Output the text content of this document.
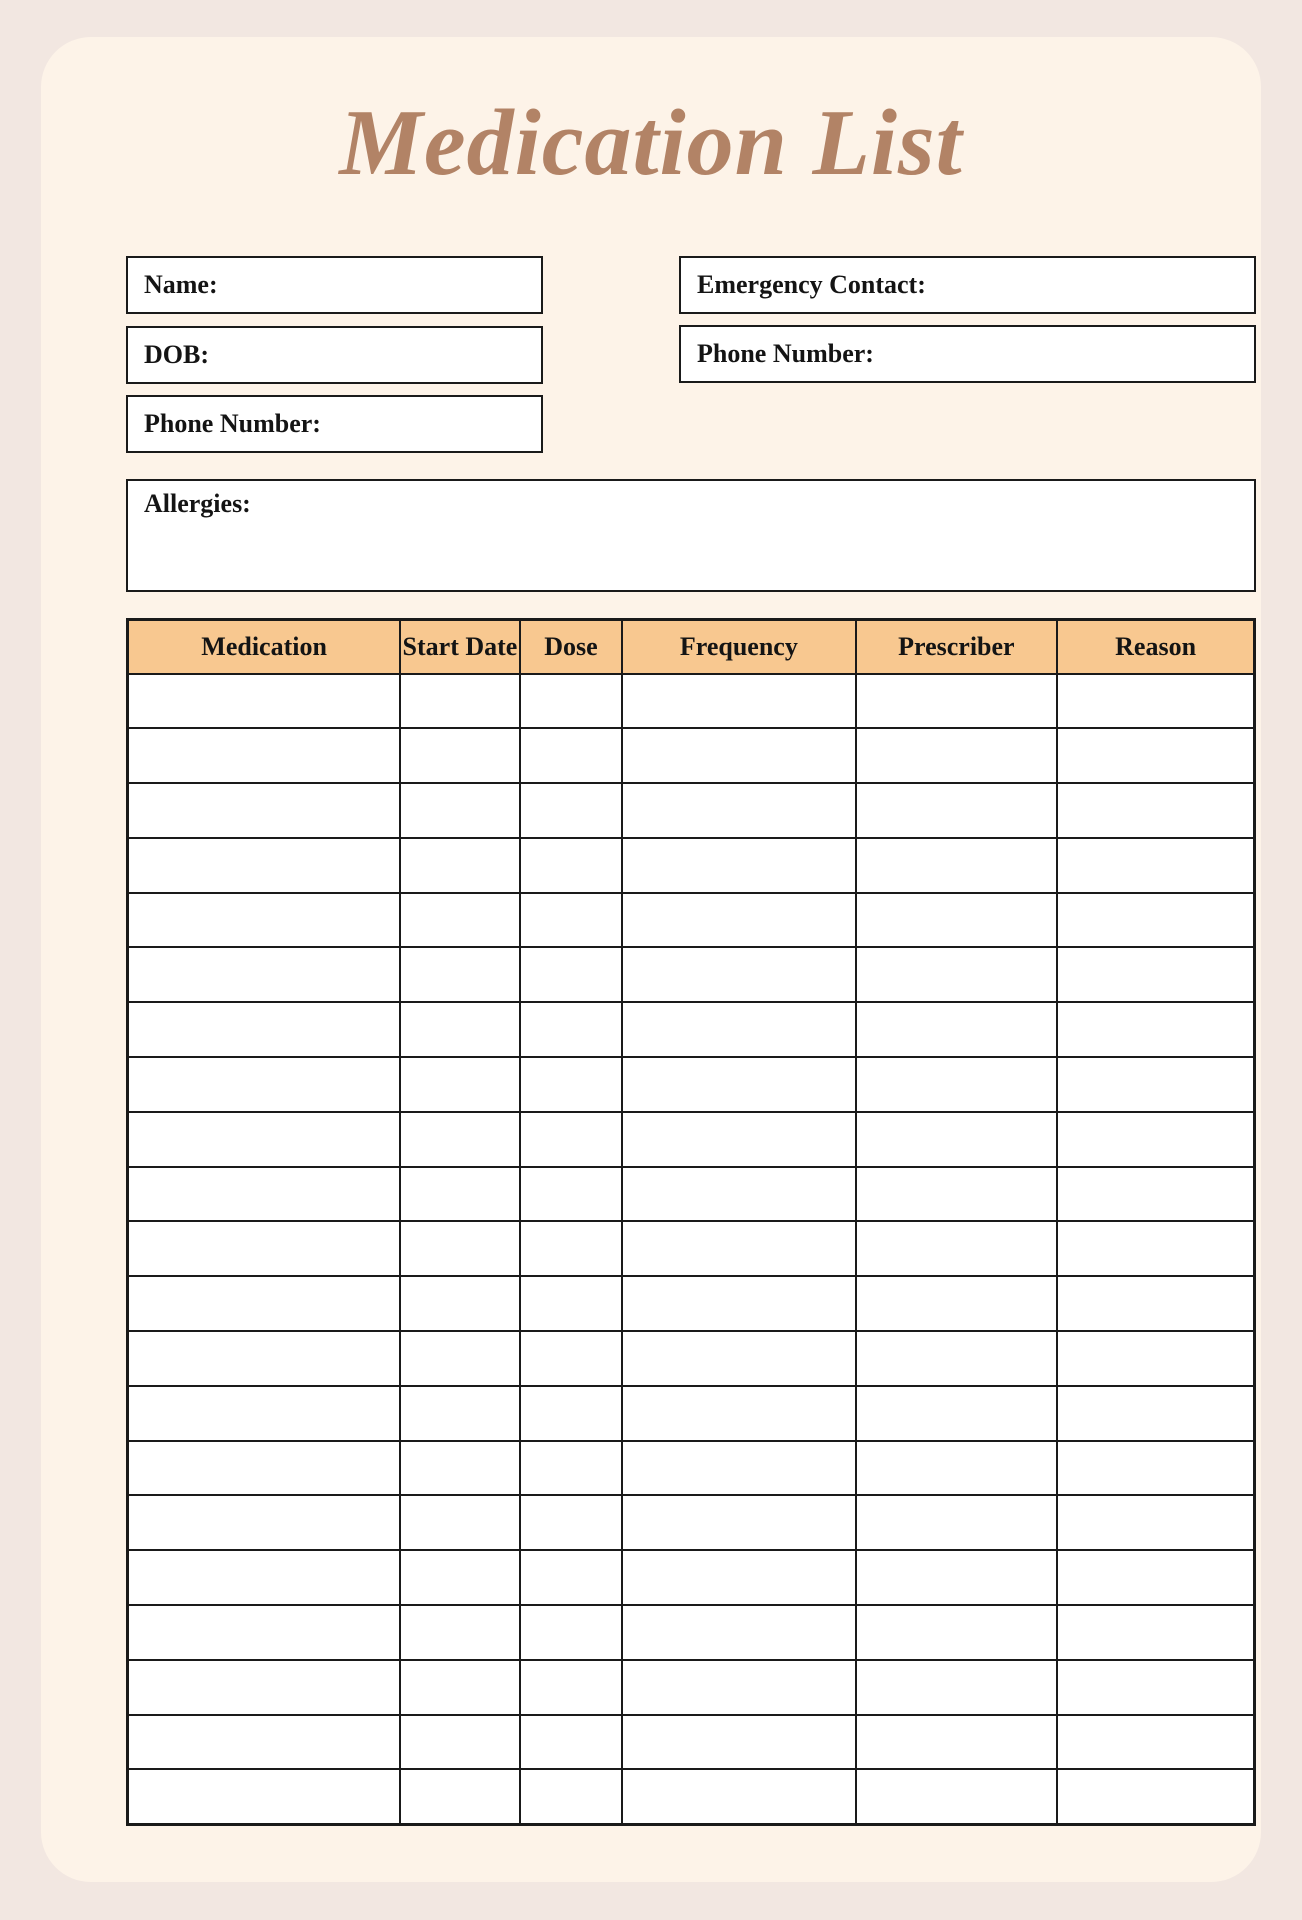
Medication List
Name:
DOB:
Phone Number:
Emergency Contact:
Phone Number:
Allergies:
Medication	Start Date	Dose	Frequency	Prescriber	Reason
